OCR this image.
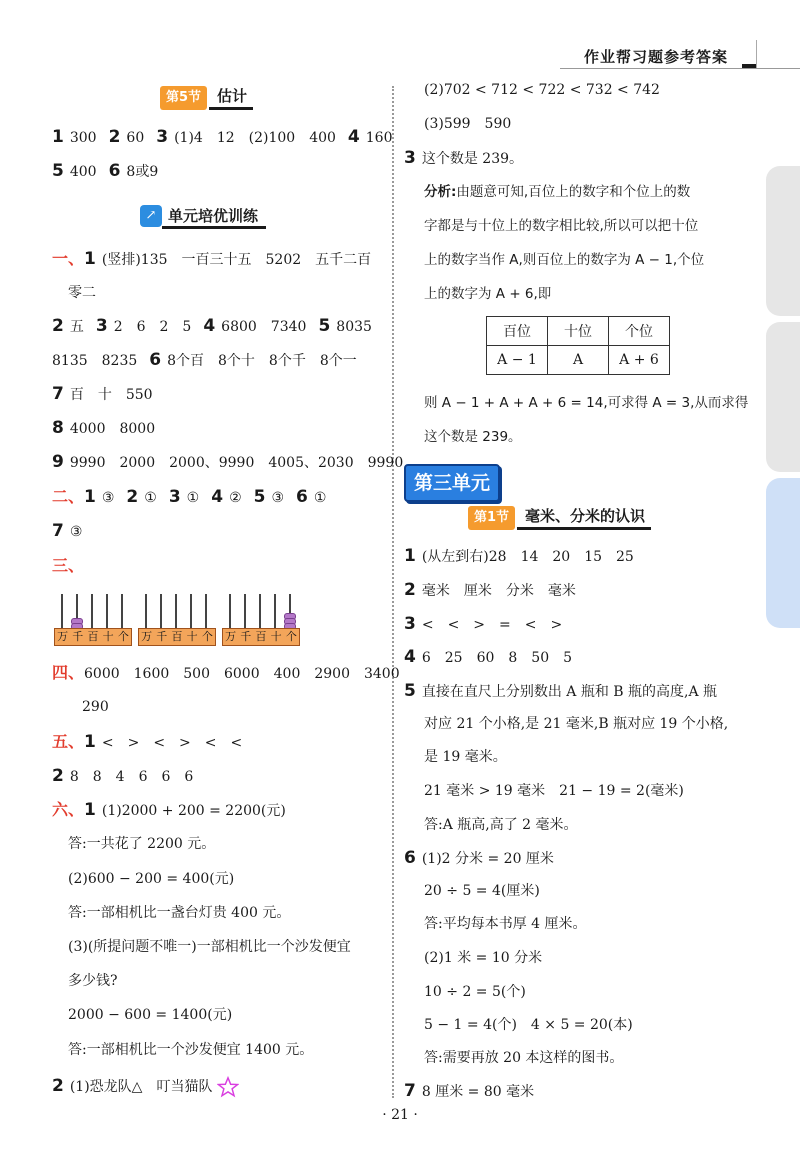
作业帮习题参考答案
第5节 估计
1 300 2 60 3 (1)4　12　(2)100　400 4 160
5 400 6 8或9
↗ 单元培优训练
一、1 (竖排)135　一百三十五　5202　五千二百
零二
2 五 3 2　6　2　5 4 6800　7340 5 8035
8135　8235 6 8个百　8个十　8个千　8个一
7 百　十　550
8 4000　8000
9 9990　2000　2000、9990　4005、2030　9990
二、1 ③ 2 ① 3 ① 4 ② 5 ③ 6 ①
7 ③
三、
万 千 百 十 个 万 千 百 十 个 万 千 百 十 个
四、6000　1600　500　6000　400　2900　3400
290
五、1 <　>　<　>　<　<
2 8　8　4　6　6　6
六、1 (1)2000 + 200 = 2200(元)
答:一共花了 2200 元。
(2)600 − 200 = 400(元)
答:一部相机比一盏台灯贵 400 元。
(3)(所提问题不唯一)一部相机比一个沙发便宜
多少钱?
2000 − 600 = 1400(元)
答:一部相机比一个沙发便宜 1400 元。
2 (1)恐龙队△　叮当猫队
(2)702 < 712 < 722 < 732 < 742
(3)599　590
3 这个数是 239。
分析:由题意可知,百位上的数字和个位上的数
字都是与十位上的数字相比较,所以可以把十位
上的数字当作 A,则百位上的数字为 A − 1,个位
上的数字为 A + 6,即
百位	十位	个位
A − 1	A	A + 6
则 A − 1 + A + A + 6 = 14,可求得 A = 3,从而求得
这个数是 239。
第三单元
第1节 毫米、分米的认识
1 (从左到右)28　14　20　15　25
2 毫米　厘米　分米　毫米
3 <　<　>　=　<　>
4 6　25　60　8　50　5
5 直接在直尺上分别数出 A 瓶和 B 瓶的高度,A 瓶
对应 21 个小格,是 21 毫米,B 瓶对应 19 个小格,
是 19 毫米。
21 毫米 > 19 毫米　21 − 19 = 2(毫米)
答:A 瓶高,高了 2 毫米。
6 (1)2 分米 = 20 厘米
20 ÷ 5 = 4(厘米)
答:平均每本书厚 4 厘米。
(2)1 米 = 10 分米
10 ÷ 2 = 5(个)
5 − 1 = 4(个)　4 × 5 = 20(本)
答:需要再放 20 本这样的图书。
7 8 厘米 = 80 毫米
· 21 ·
